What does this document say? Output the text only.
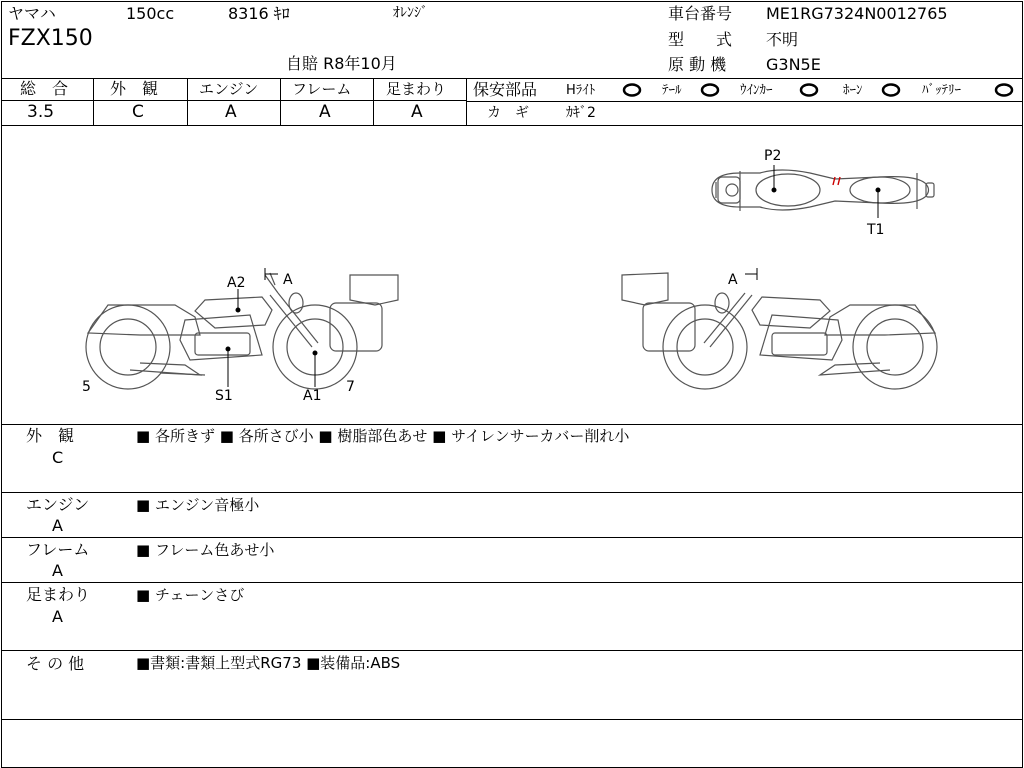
ヤマハ	150cc	8316 ｷﾛ	ｵﾚﾝｼﾞ
FZX150
自賠 R8年10月
車台番号 ME1RG7324N0012765
型　　式 不明
原 動 機 G3N5E
総　合	外　観	エンジン フレーム 足まわり
3.5	C	A	A	A
保安部品 Hﾗｲﾄ	ﾃｰﾙ	ｳｲﾝｶｰ	ﾎｰﾝ	ﾊﾞｯﾃﾘｰ
カ　ギ	ｶｷﾞ2
P2
T1
A2	A
5
S1	A1
7
A
外　観
C
■ 各所きず ■ 各所さび小 ■ 樹脂部色あせ ■ サイレンサーカバー削れ小
エンジン
A
■ エンジン音極小
フレーム
A
■ フレーム色あせ小
足まわり
A
■ チェーンさび
そ の 他	■書類:書類上型式RG73 ■装備品:ABS
